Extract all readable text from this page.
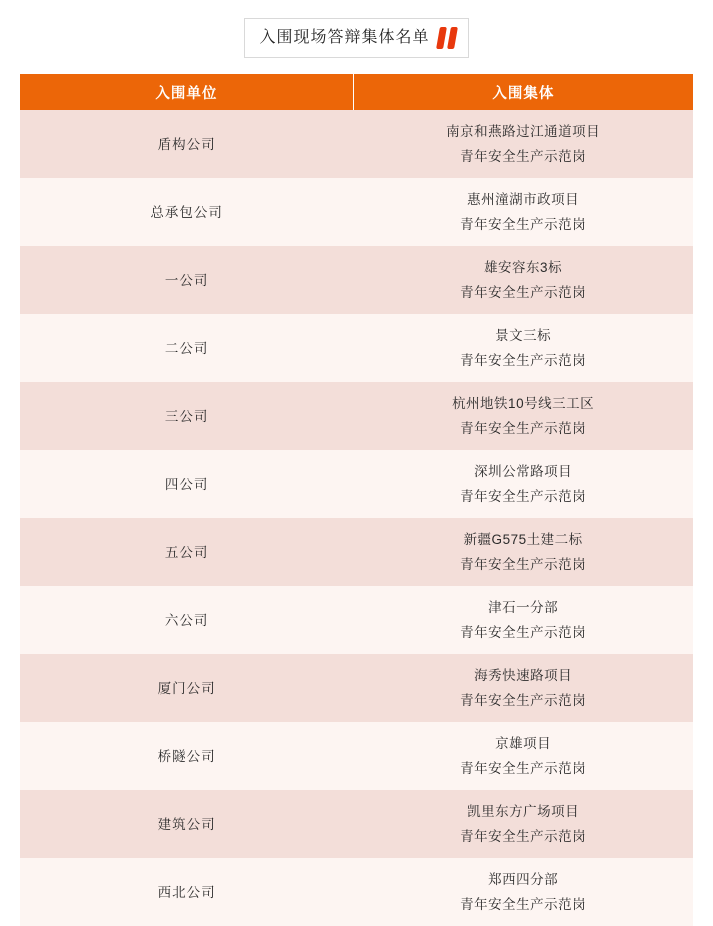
入围现场答辩集体名单
入围单位	入围集体
盾构公司	南京和燕路过江通道项目
青年安全生产示范岗

总承包公司	惠州潼湖市政项目
青年安全生产示范岗

一公司	雄安容东3标
青年安全生产示范岗

二公司	景文三标
青年安全生产示范岗

三公司	杭州地铁10号线三工区
青年安全生产示范岗

四公司	深圳公常路项目
青年安全生产示范岗

五公司	新疆G575土建二标
青年安全生产示范岗

六公司	津石一分部
青年安全生产示范岗

厦门公司	海秀快速路项目
青年安全生产示范岗

桥隧公司	京雄项目
青年安全生产示范岗

建筑公司	凯里东方广场项目
青年安全生产示范岗

西北公司	郑西四分部
青年安全生产示范岗
